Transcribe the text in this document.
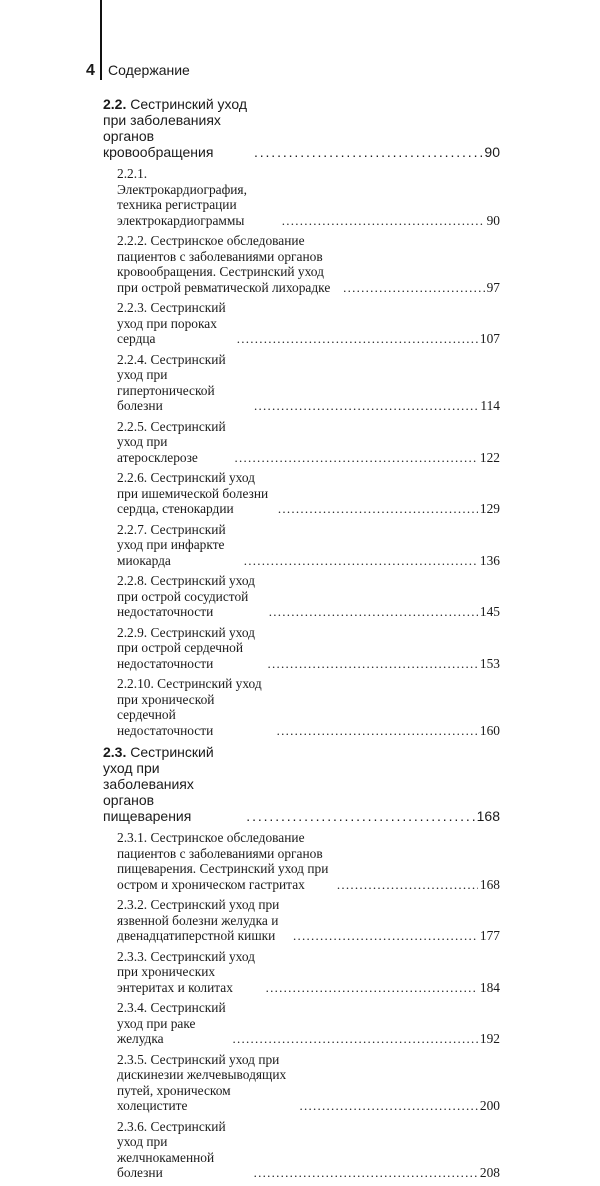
4 Содержание
2.2. Сестринский уход при заболеваниях органов кровообращения . . .	90
2.2.1. Электрокардиография, техника регистрации электрокардиограммы . . .	90
2.2.2. Сестринское обследование пациентов с заболеваниями органов кровообращения. Сестринский уход при острой ревматической лихорадке . . .	97
2.2.3. Сестринский уход при пороках сердца . . .	107
2.2.4. Сестринский уход при гипертонической болезни . . .	114
2.2.5. Сестринский уход при атеросклерозе . . .	122
2.2.6. Сестринский уход при ишемической болезни сердца, стенокардии . . .	129
2.2.7. Сестринский уход при инфаркте миокарда . . .	136
2.2.8. Сестринский уход при острой сосудистой недостаточности . . .	145
2.2.9. Сестринский уход при острой сердечной недостаточности . . .	153
2.2.10. Сестринский уход при хронической сердечной недостаточности . . .	160
2.3. Сестринский уход при заболеваниях органов пищеварения . . .	168
2.3.1. Сестринское обследование пациентов с заболеваниями органов пищеварения. Сестринский уход при остром и хроническом гастритах . . .	168
2.3.2. Сестринский уход при язвенной болезни желудка и двенадцатиперстной кишки . . .	177
2.3.3. Сестринский уход при хронических энтеритах и колитах . . .	184
2.3.4. Сестринский уход при раке желудка . . .	192
2.3.5. Сестринский уход при дискинезии желчевыводящих путей, хроническом холецистите . . .	200
2.3.6. Сестринский уход при желчнокаменной болезни . . .	208
